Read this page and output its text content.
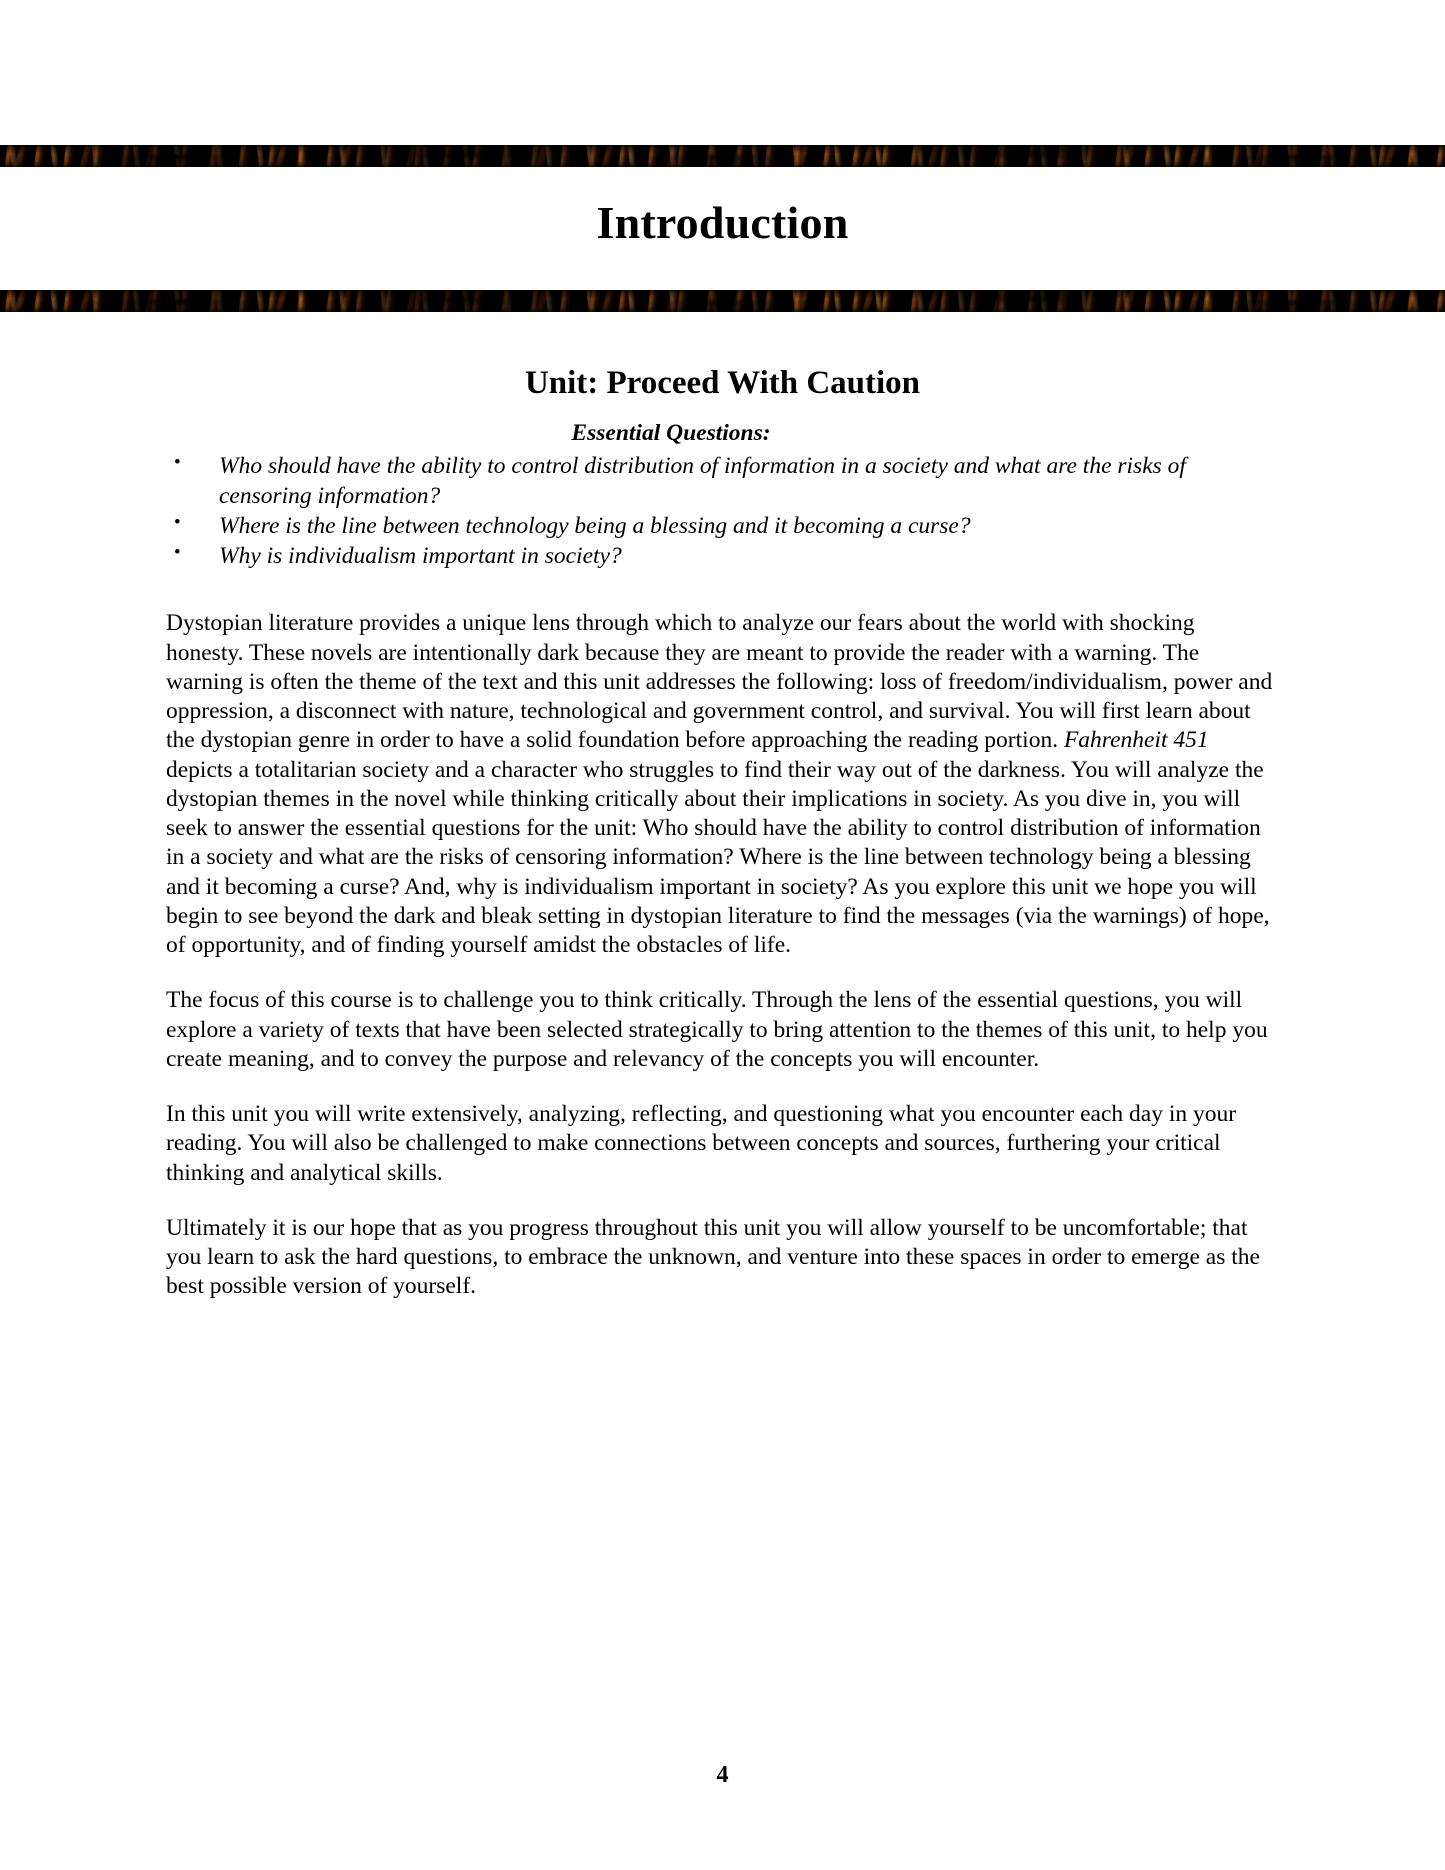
Introduction
Unit: Proceed With Caution
Essential Questions:
• Who should have the ability to control distribution of information in a society and what are the risks of censoring information?
• Where is the line between technology being a blessing and it becoming a curse?
• Why is individualism important in society?

Dystopian literature provides a unique lens through which to analyze our fears about the world with shocking honesty. These novels are intentionally dark because they are meant to provide the reader with a warning. The warning is often the theme of the text and this unit addresses the following: loss of freedom/individualism, power and oppression, a disconnect with nature, technological and government control, and survival. You will first learn about the dystopian genre in order to have a solid foundation before approaching the reading portion. Fahrenheit 451 depicts a totalitarian society and a character who struggles to find their way out of the darkness. You will analyze the dystopian themes in the novel while thinking critically about their implications in society. As you dive in, you will seek to answer the essential questions for the unit: Who should have the ability to control distribution of information in a society and what are the risks of censoring information? Where is the line between technology being a blessing and it becoming a curse? And, why is individualism important in society? As you explore this unit we hope you will begin to see beyond the dark and bleak setting in dystopian literature to find the messages (via the warnings) of hope, of opportunity, and of finding yourself amidst the obstacles of life.

The focus of this course is to challenge you to think critically. Through the lens of the essential questions, you will explore a variety of texts that have been selected strategically to bring attention to the themes of this unit, to help you create meaning, and to convey the purpose and relevancy of the concepts you will encounter.

In this unit you will write extensively, analyzing, reflecting, and questioning what you encounter each day in your reading. You will also be challenged to make connections between concepts and sources, furthering your critical thinking and analytical skills.

Ultimately it is our hope that as you progress throughout this unit you will allow yourself to be uncomfortable; that you learn to ask the hard questions, to embrace the unknown, and venture into these spaces in order to emerge as the best possible version of yourself.

4
